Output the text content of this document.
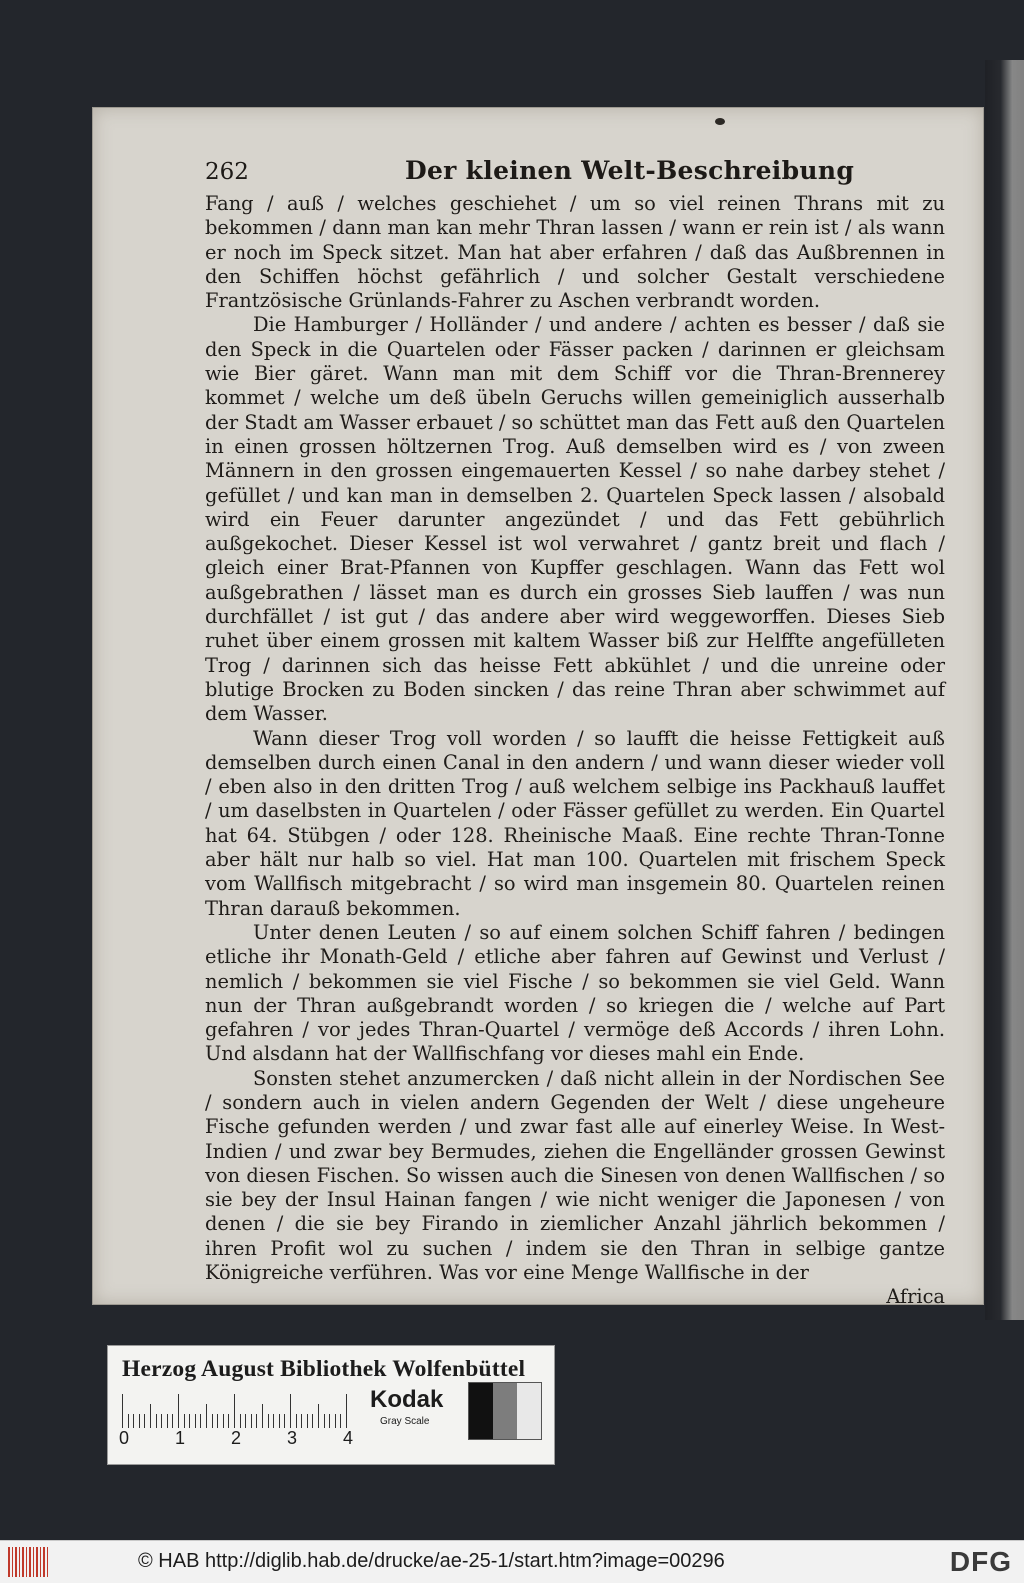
262	Der kleinen Welt-Beschreibung

Fang / auß / welches geschiehet / um so viel reinen Thrans mit zu bekommen / dann man kan mehr Thran lassen / wann er rein ist / als wann er noch im Speck sitzet. Man hat aber erfahren / daß das Außbrennen in den Schiffen höchst gefährlich / und solcher Gestalt verschiedene Frantzösische Grünlands-Fahrer zu Aschen verbrandt worden.

Die Hamburger / Holländer / und andere / achten es besser / daß sie den Speck in die Quartelen oder Fässer packen / darinnen er gleichsam wie Bier gäret. Wann man mit dem Schiff vor die Thran-Brennerey kommet / welche um deß übeln Geruchs willen gemeiniglich ausserhalb der Stadt am Wasser erbauet / so schüttet man das Fett auß den Quartelen in einen grossen höltzernen Trog. Auß demselben wird es / von zween Männern in den grossen eingemauerten Kessel / so nahe darbey stehet / gefüllet / und kan man in demselben 2. Quartelen Speck lassen / alsobald wird ein Feuer darunter angezündet / und das Fett gebührlich außgekochet. Dieser Kessel ist wol verwahret / gantz breit und flach / gleich einer Brat-Pfannen von Kupffer geschlagen. Wann das Fett wol außgebrathen / lässet man es durch ein grosses Sieb lauffen / was nun durchfället / ist gut / das andere aber wird weggeworffen. Dieses Sieb ruhet über einem grossen mit kaltem Wasser biß zur Helffte angefülleten Trog / darinnen sich das heisse Fett abkühlet / und die unreine oder blutige Brocken zu Boden sincken / das reine Thran aber schwimmet auf dem Wasser.

Wann dieser Trog voll worden / so laufft die heisse Fettigkeit auß demselben durch einen Canal in den andern / und wann dieser wieder voll / eben also in den dritten Trog / auß welchem selbige ins Packhauß lauffet / um daselbsten in Quartelen / oder Fässer gefüllet zu werden. Ein Quartel hat 64. Stübgen / oder 128. Rheinische Maaß. Eine rechte Thran-Tonne aber hält nur halb so viel. Hat man 100. Quartelen mit frischem Speck vom Wallfisch mitgebracht / so wird man insgemein 80. Quartelen reinen Thran darauß bekommen.

Unter denen Leuten / so auf einem solchen Schiff fahren / bedingen etliche ihr Monath-Geld / etliche aber fahren auf Gewinst und Verlust / nemlich / bekommen sie viel Fische / so bekommen sie viel Geld. Wann nun der Thran außgebrandt worden / so kriegen die / welche auf Part gefahren / vor jedes Thran-Quartel / vermöge deß Accords / ihren Lohn. Und alsdann hat der Wallfischfang vor dieses mahl ein Ende.

Sonsten stehet anzumercken / daß nicht allein in der Nordischen See / sondern auch in vielen andern Gegenden der Welt / diese ungeheure Fische gefunden werden / und zwar fast alle auf einerley Weise. In West-Indien / und zwar bey Bermudes, ziehen die Engelländer grossen Gewinst von diesen Fischen. So wissen auch die Sinesen von denen Wallfischen / so sie bey der Insul Hainan fangen / wie nicht weniger die Japonesen / von denen / die sie bey Firando in ziemlicher Anzahl jährlich bekommen / ihren Profit wol zu suchen / indem sie den Thran in selbige gantze Königreiche verführen. Was vor eine Menge Wallfische in der

Africa
Herzog August Bibliothek Wolfenbüttel
0	1	2	3	4
Kodak
Gray Scale
© HAB http://diglib.hab.de/drucke/ae-25-1/start.htm?image=00296	DFG
